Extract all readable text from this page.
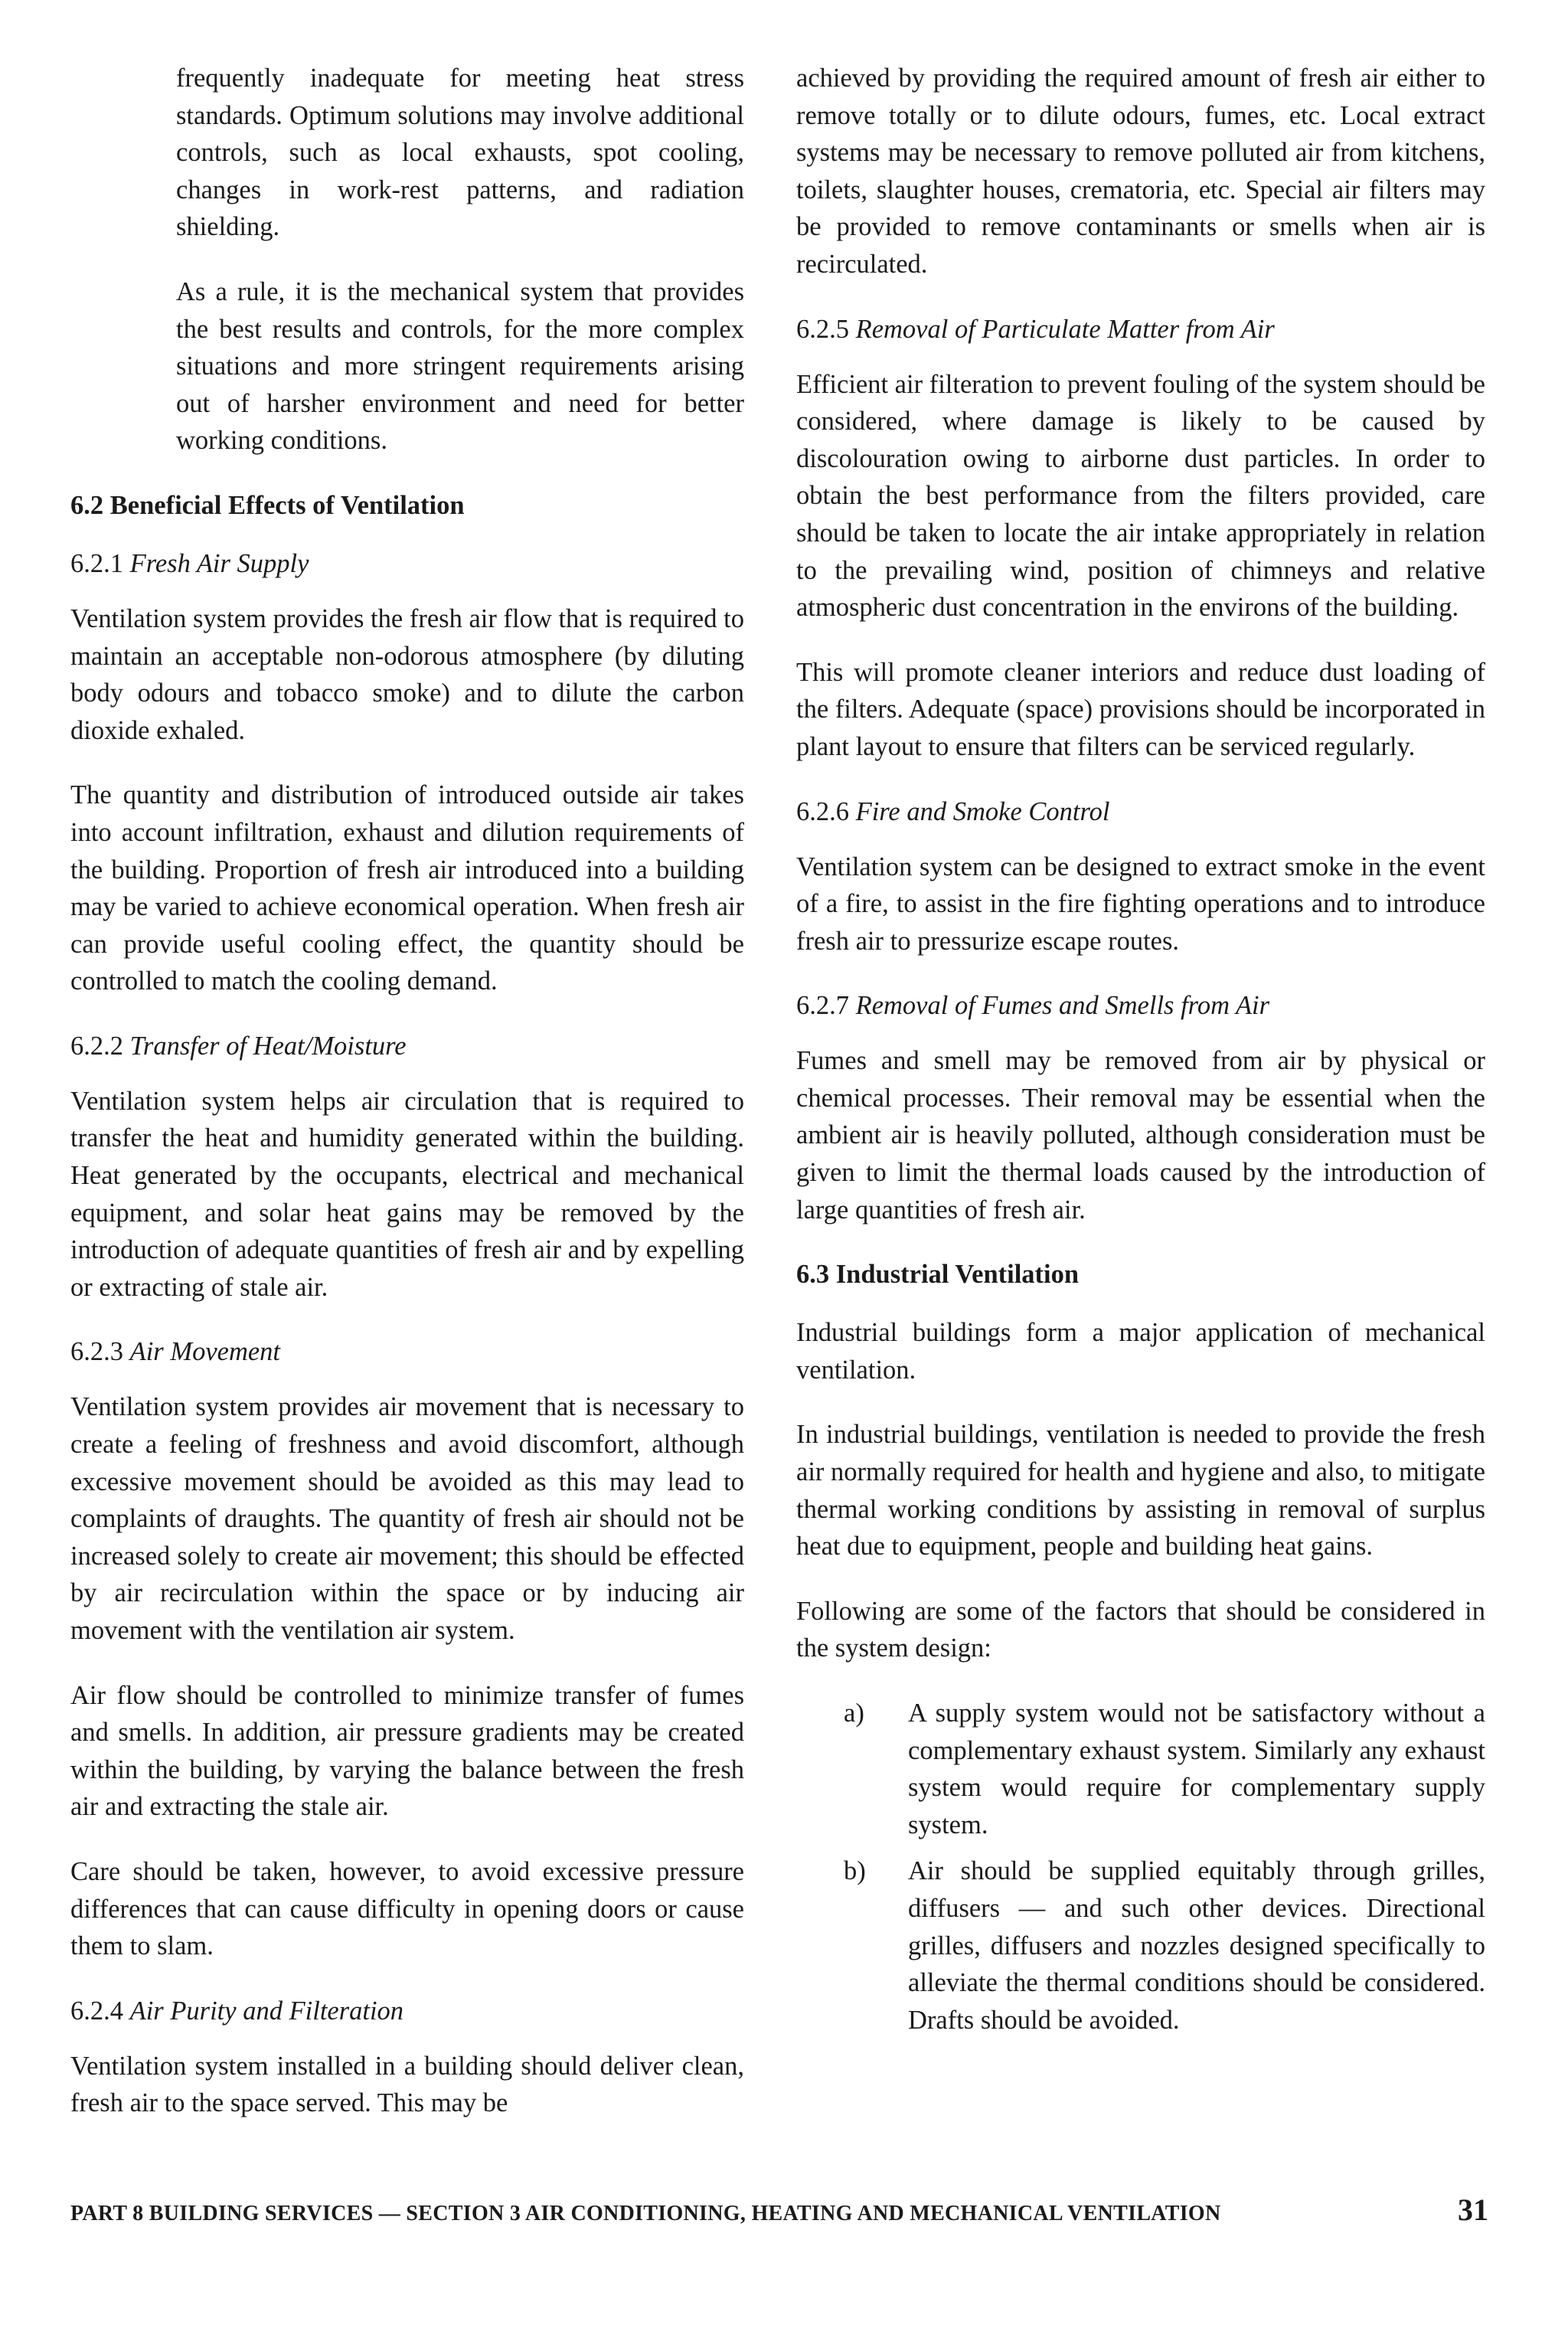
frequently inadequate for meeting heat stress standards. Optimum solutions may involve additional controls, such as local exhausts, spot cooling, changes in work-rest patterns, and radiation shielding.

As a rule, it is the mechanical system that provides the best results and controls, for the more complex situations and more stringent requirements arising out of harsher environment and need for better working conditions.

6.2 Beneficial Effects of Ventilation
6.2.1 Fresh Air Supply

Ventilation system provides the fresh air flow that is required to maintain an acceptable non-odorous atmosphere (by diluting body odours and tobacco smoke) and to dilute the carbon dioxide exhaled.

The quantity and distribution of introduced outside air takes into account infiltration, exhaust and dilution requirements of the building. Proportion of fresh air introduced into a building may be varied to achieve economical operation. When fresh air can provide useful cooling effect, the quantity should be controlled to match the cooling demand.

6.2.2 Transfer of Heat/Moisture

Ventilation system helps air circulation that is required to transfer the heat and humidity generated within the building. Heat generated by the occupants, electrical and mechanical equipment, and solar heat gains may be removed by the introduction of adequate quantities of fresh air and by expelling or extracting of stale air.

6.2.3 Air Movement

Ventilation system provides air movement that is necessary to create a feeling of freshness and avoid discomfort, although excessive movement should be avoided as this may lead to complaints of draughts. The quantity of fresh air should not be increased solely to create air movement; this should be effected by air recirculation within the space or by inducing air movement with the ventilation air system.

Air flow should be controlled to minimize transfer of fumes and smells. In addition, air pressure gradients may be created within the building, by varying the balance between the fresh air and extracting the stale air.

Care should be taken, however, to avoid excessive pressure differences that can cause difficulty in opening doors or cause them to slam.

6.2.4 Air Purity and Filteration

Ventilation system installed in a building should deliver clean, fresh air to the space served. This may be

achieved by providing the required amount of fresh air either to remove totally or to dilute odours, fumes, etc. Local extract systems may be necessary to remove polluted air from kitchens, toilets, slaughter houses, crematoria, etc. Special air filters may be provided to remove contaminants or smells when air is recirculated.

6.2.5 Removal of Particulate Matter from Air

Efficient air filteration to prevent fouling of the system should be considered, where damage is likely to be caused by discolouration owing to airborne dust particles. In order to obtain the best performance from the filters provided, care should be taken to locate the air intake appropriately in relation to the prevailing wind, position of chimneys and relative atmospheric dust concentration in the environs of the building.

This will promote cleaner interiors and reduce dust loading of the filters. Adequate (space) provisions should be incorporated in plant layout to ensure that filters can be serviced regularly.

6.2.6 Fire and Smoke Control

Ventilation system can be designed to extract smoke in the event of a fire, to assist in the fire fighting operations and to introduce fresh air to pressurize escape routes.

6.2.7 Removal of Fumes and Smells from Air

Fumes and smell may be removed from air by physical or chemical processes. Their removal may be essential when the ambient air is heavily polluted, although consideration must be given to limit the thermal loads caused by the introduction of large quantities of fresh air.

6.3 Industrial Ventilation

Industrial buildings form a major application of mechanical ventilation.

In industrial buildings, ventilation is needed to provide the fresh air normally required for health and hygiene and also, to mitigate thermal working conditions by assisting in removal of surplus heat due to equipment, people and building heat gains.

Following are some of the factors that should be considered in the system design:

a)	A supply system would not be satisfactory without a complementary exhaust system. Similarly any exhaust system would require for complementary supply system.
b)	Air should be supplied equitably through grilles, diffusers — and such other devices. Directional grilles, diffusers and nozzles designed specifically to alleviate the thermal conditions should be considered. Drafts should be avoided.
PART 8 BUILDING SERVICES — SECTION 3 AIR CONDITIONING, HEATING AND MECHANICAL VENTILATION	31
